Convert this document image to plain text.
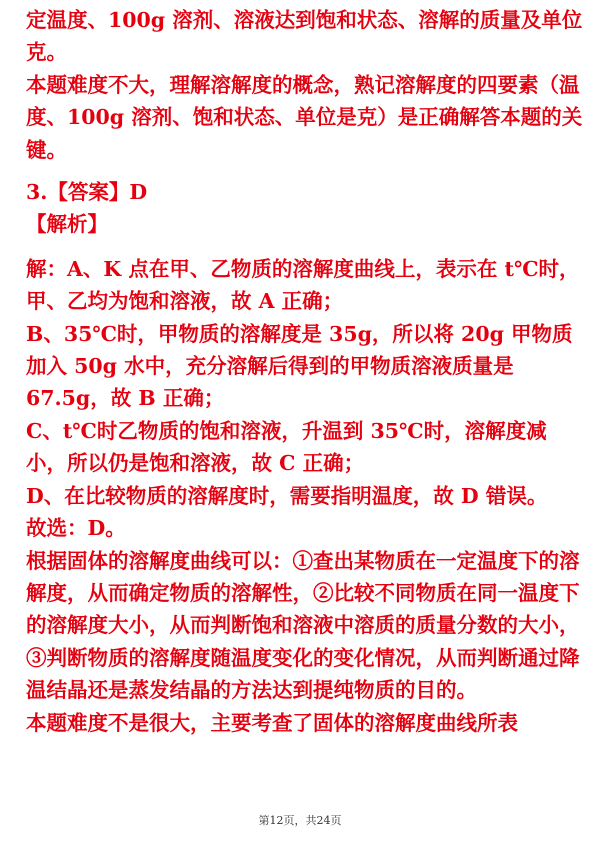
定温度、100g 溶剂、溶液达到饱和状态、溶解的质量及单位克。

本题难度不大，理解溶解度的概念，熟记溶解度的四要素（温度、100g 溶剂、饱和状态、单位是克）是正确解答本题的关键。

3.【答案】D

【解析】

解：A、K 点在甲、乙物质的溶解度曲线上，表示在 t℃时，甲、乙均为饱和溶液，故 A 正确；

B、35℃时，甲物质的溶解度是 35g，所以将 20g 甲物质加入 50g 水中，充分溶解后得到的甲物质溶液质量是 67.5g，故 B 正确；

C、t℃时乙物质的饱和溶液，升温到 35℃时，溶解度减小，所以仍是饱和溶液，故 C 正确；

D、在比较物质的溶解度时，需要指明温度，故 D 错误。

故选：D。

根据固体的溶解度曲线可以：①查出某物质在一定温度下的溶解度，从而确定物质的溶解性，②比较不同物质在同一温度下的溶解度大小，从而判断饱和溶液中溶质的质量分数的大小，③判断物质的溶解度随温度变化的变化情况，从而判断通过降温结晶还是蒸发结晶的方法达到提纯物质的目的。

本题难度不是很大，主要考查了固体的溶解度曲线所表

第12页，共24页
